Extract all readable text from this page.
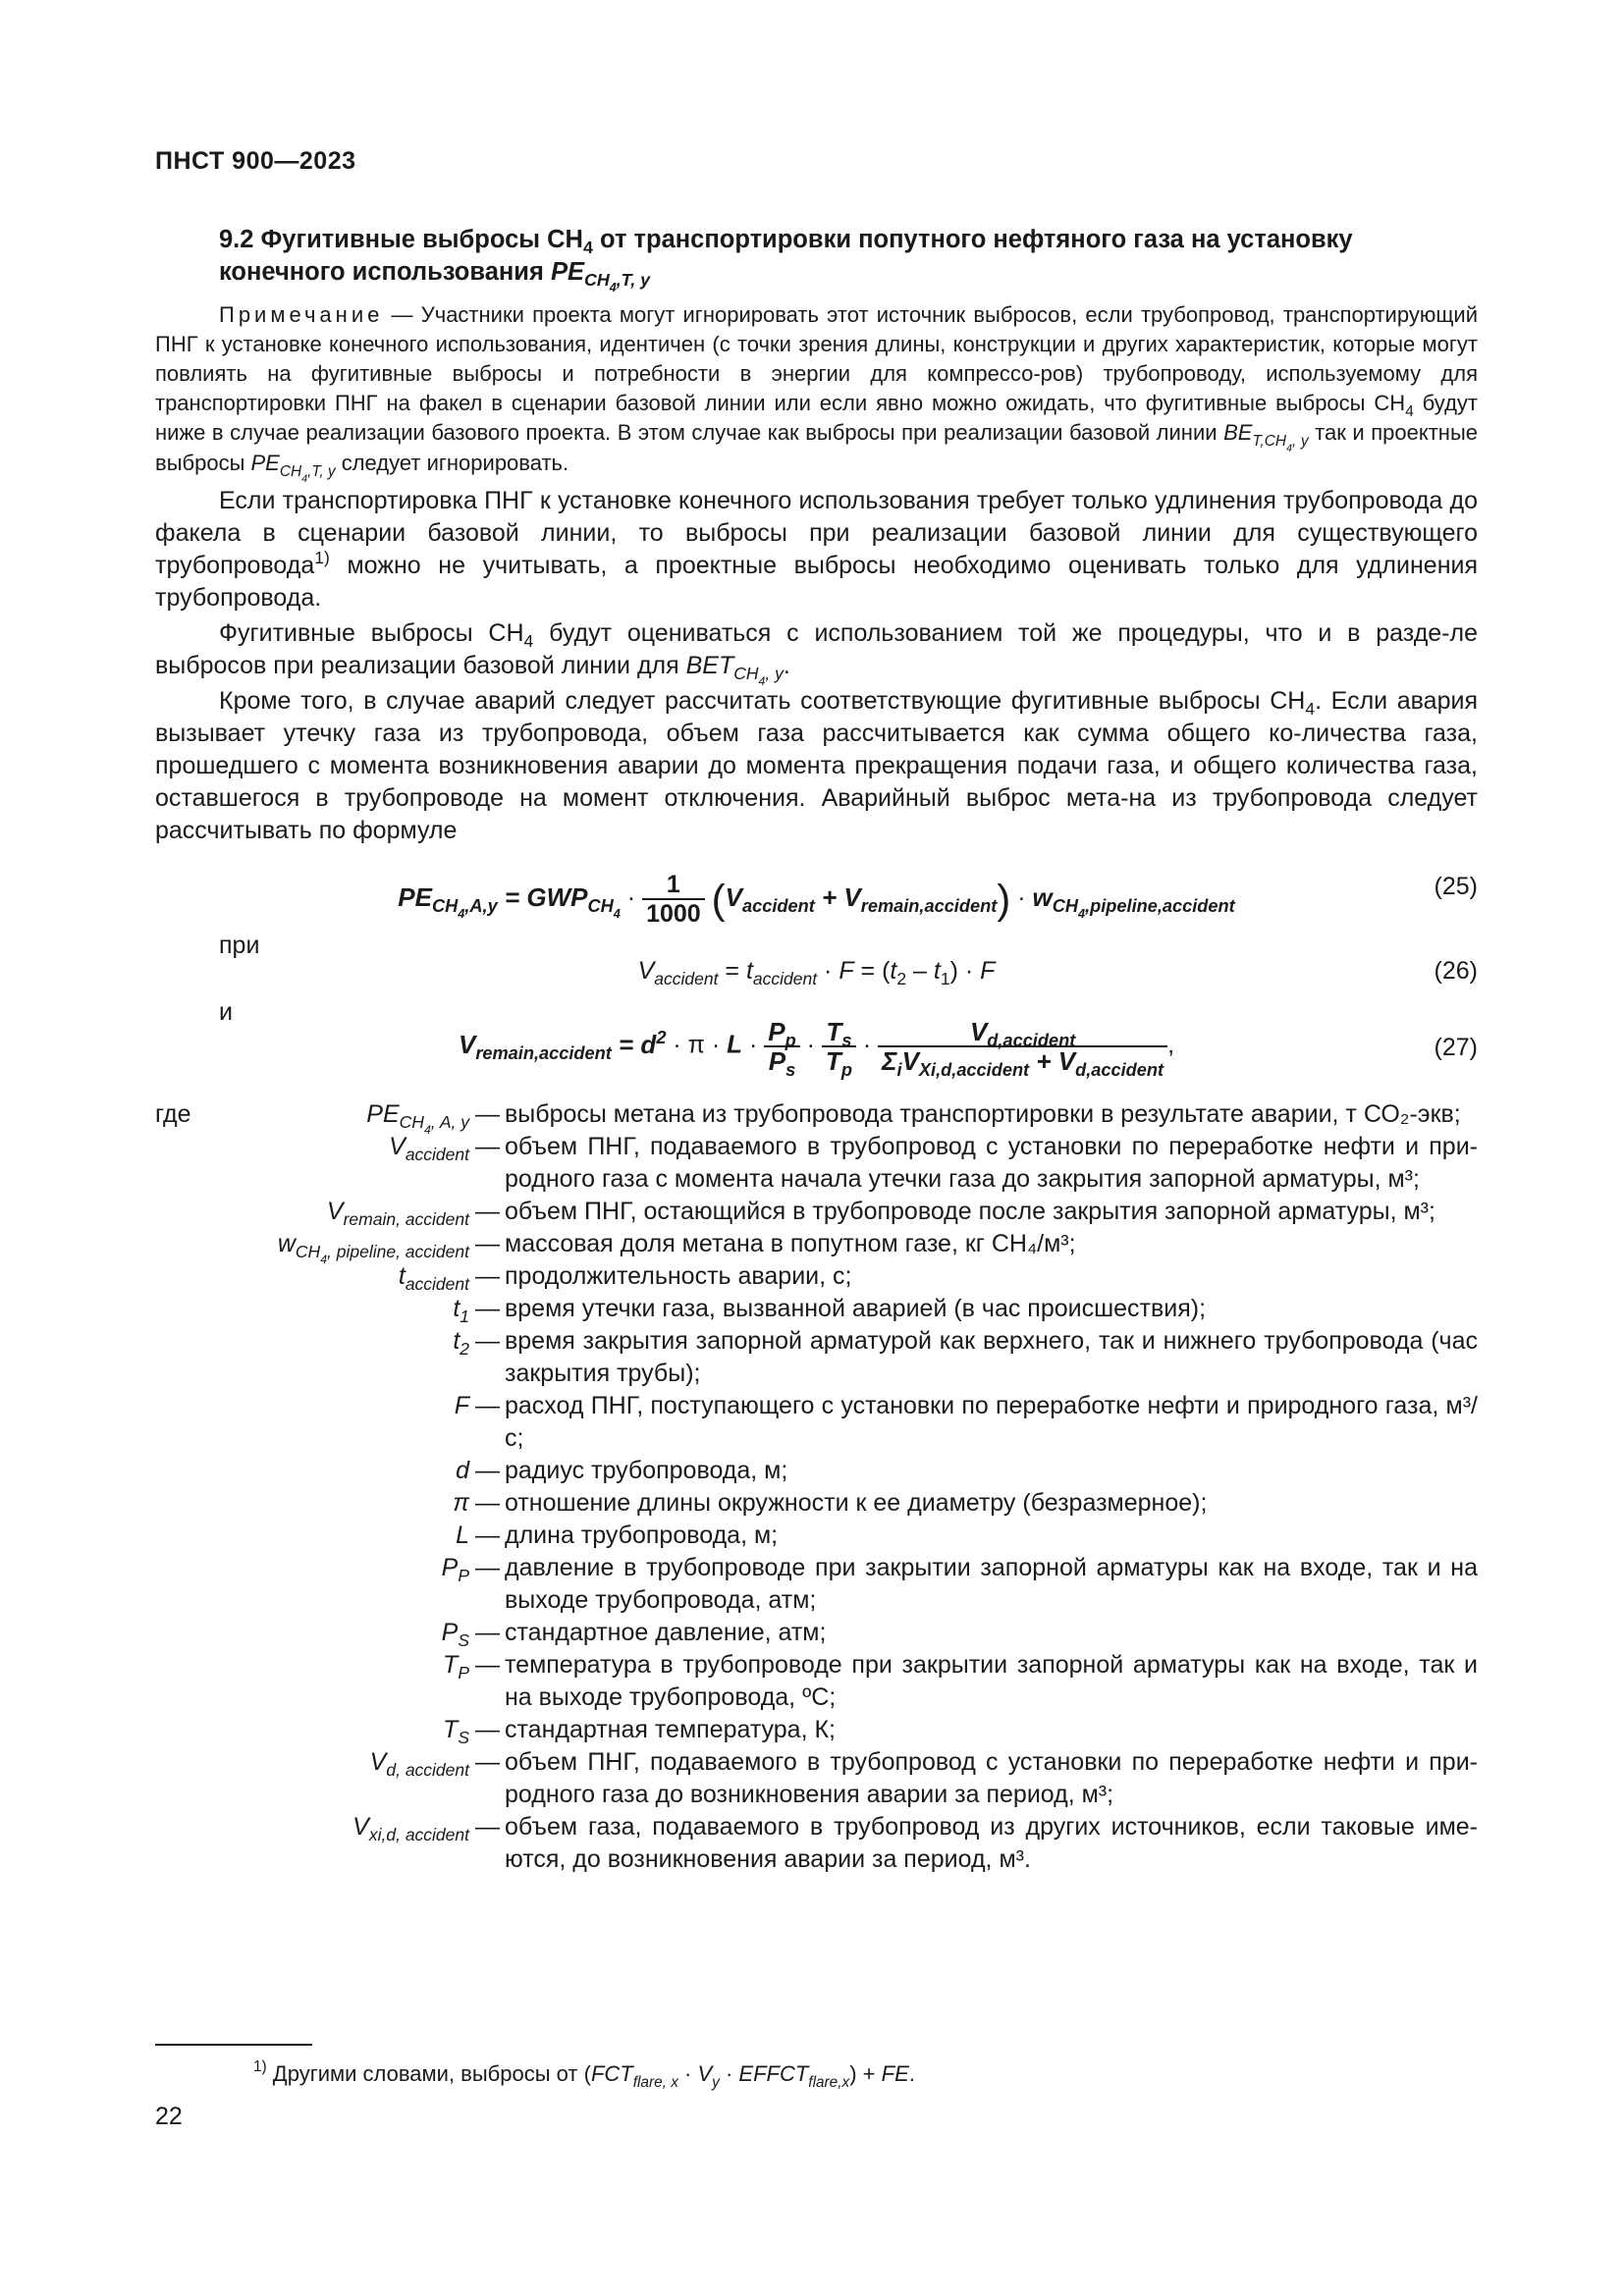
ПНСТ 900—2023
9.2 Фугитивные выбросы $СН_4$ от транспортировки попутного нефтяного газа на установку
конечного использования $PE_{CH_4,T, y}$
Примечание — Участники проекта могут игнорировать этот источник выбросов, если трубопровод, транспортирующий ПНГ к установке конечного использования, идентичен (с точки зрения длины, конструкции и других характеристик, которые могут повлиять на фугитивные выбросы и потребности в энергии для компрессо-ров) трубопроводу, используемому для транспортировки ПНГ на факел в сценарии базовой линии или если явно можно ожидать, что фугитивные выбросы $СН_4$ будут ниже в случае реализации базового проекта. В этом случае как выбросы при реализации базовой линии $BE_{T,CH_4, y}$ так и проектные выбросы $PE_{CH_4,T, y}$ следует игнорировать.

Если транспортировка ПНГ к установке конечного использования требует только удлинения трубопровода до факела в сценарии базовой линии, то выбросы при реализации базовой линии для существующего трубопровода$^{1)}$ можно не учитывать, а проектные выбросы необходимо оценивать только для удлинения трубопровода.

Фугитивные выбросы $СН_4$ будут оцениваться с использованием той же процедуры, что и в разде-ле выбросов при реализации базовой линии для $BET_{CH_4, y}$.

Кроме того, в случае аварий следует рассчитать соответствующие фугитивные выбросы $СН_4$. Если авария вызывает утечку газа из трубопровода, объем газа рассчитывается как сумма общего ко-личества газа, прошедшего с момента возникновения аварии до момента прекращения подачи газа, и общего количества газа, оставшегося в трубопроводе на момент отключения. Аварийный выброс мета-на из трубопровода следует рассчитывать по формуле

$PE_{CH_4,A,y} = GWP_{CH_4} \cdot \frac{1}{1000} (V_{accident} + V_{remain,accident}) \cdot w_{CH_4,pipeline,accident}$
(25)
при
$V_{accident} = t_{accident} \cdot F = (t_2 - t_1) \cdot F$	(26)
и
$V_{remain,accident} = d^2 \cdot \pi \cdot L \cdot \frac{P_p}{P_s} \cdot \frac{T_s}{T_p} \cdot \frac{V_{d,accident}}{\Sigma_iV_{Xi,d,accident} + V_{d,accident}}$ ,	(27)
где	$PE_{CH_4, A, y}$ — выбросы метана из трубопровода транспортировки в результате аварии, т СО₂-экв;
$V_{accident}$ — объем ПНГ, подаваемого в трубопровод с установки по переработке нефти и при-родного газа с момента начала утечки газа до закрытия запорной арматуры, м³;
$V_{remain, accident}$ — объем ПНГ, остающийся в трубопроводе после закрытия запорной арматуры, м³;
$w_{CH_4, pipeline, accident}$ — массовая доля метана в попутном газе, кг СН₄/м³;
$t_{accident}$ — продолжительность аварии, с;
$t_1$ — время утечки газа, вызванной аварией (в час происшествия);
$t_2$ — время закрытия запорной арматурой как верхнего, так и нижнего трубопровода (час закрытия трубы);
F — расход ПНГ, поступающего с установки по переработке нефти и природного газа, м³/с;
d — радиус трубопровода, м;
π — отношение длины окружности к ее диаметру (безразмерное);
L — длина трубопровода, м;
$P_P$ — давление в трубопроводе при закрытии запорной арматуры как на входе, так и на выходе трубопровода, атм;
$P_S$ — стандартное давление, атм;
$T_P$ — температура в трубопроводе при закрытии запорной арматуры как на входе, так и на выходе трубопровода, ºС;
$T_S$ — стандартная температура, К;
$V_{d, accident}$ — объем ПНГ, подаваемого в трубопровод с установки по переработке нефти и при-родного газа до возникновения аварии за период, м³;
$V_{xi,d, accident}$ — объем газа, подаваемого в трубопровод из других источников, если таковые име-ются, до возникновения аварии за период, м³.
$^{1)}$ Другими словами, выбросы от ($FCT_{flare, x} \cdot V_y$ · $EFFCT_{flare,x}$) + FE.
22
